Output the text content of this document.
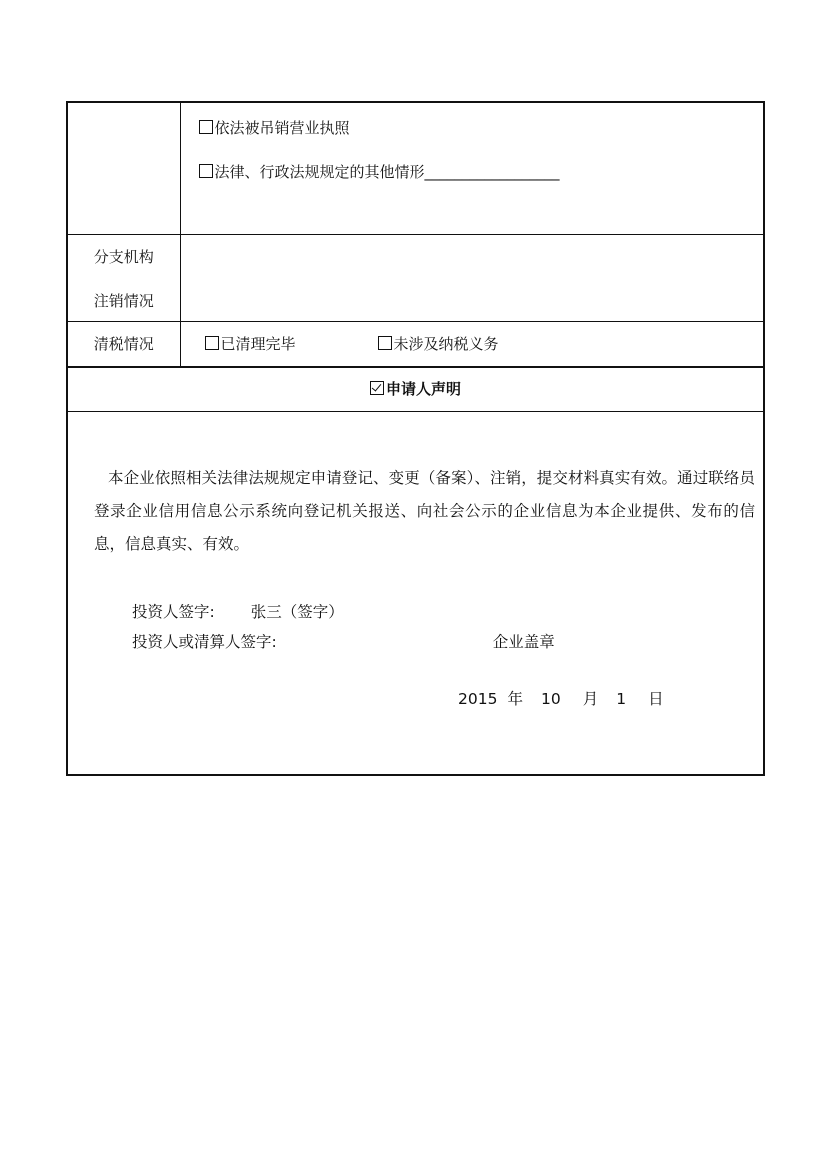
	依法被吊销营业执照
法律、行政法规规定的其他情形__________________

分支机构
注销情况	

清税情况	已清理完毕 未涉及纳税义务

申请人声明	

本企业依照相关法律法规规定申请登记、变更（备案）、注销，提交材料真实有效。通过联络员登录企业信用信息公示系统向登记机关报送、向社会公示的企业信息为本企业提供、发布的信息，信息真实、有效。

投资人签字: 张三（签字）
投资人或清算人签字: 企业盖章
2015 年 10 月 1 日	
